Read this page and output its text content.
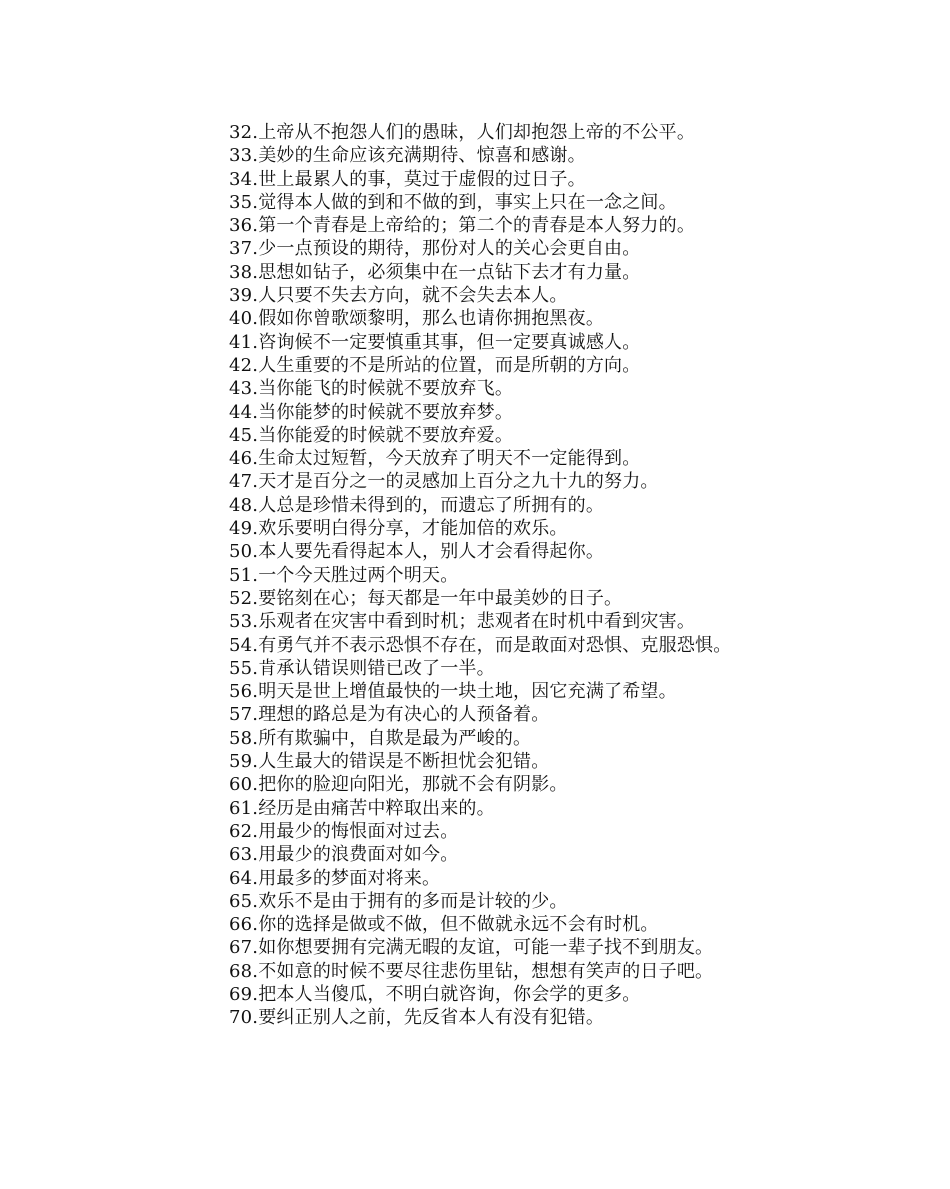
32.上帝从不抱怨人们的愚昧，人们却抱怨上帝的不公平。
33.美妙的生命应该充满期待、惊喜和感谢。
34.世上最累人的事，莫过于虚假的过日子。
35.觉得本人做的到和不做的到，事实上只在一念之间。
36.第一个青春是上帝给的；第二个的青春是本人努力的。
37.少一点预设的期待，那份对人的关心会更自由。
38.思想如钻子，必须集中在一点钻下去才有力量。
39.人只要不失去方向，就不会失去本人。
40.假如你曾歌颂黎明，那么也请你拥抱黑夜。
41.咨询候不一定要慎重其事，但一定要真诚感人。
42.人生重要的不是所站的位置，而是所朝的方向。
43.当你能飞的时候就不要放弃飞。
44.当你能梦的时候就不要放弃梦。
45.当你能爱的时候就不要放弃爱。
46.生命太过短暂，今天放弃了明天不一定能得到。
47.天才是百分之一的灵感加上百分之九十九的努力。
48.人总是珍惜未得到的，而遗忘了所拥有的。
49.欢乐要明白得分享，才能加倍的欢乐。
50.本人要先看得起本人，别人才会看得起你。
51.一个今天胜过两个明天。
52.要铭刻在心；每天都是一年中最美妙的日子。
53.乐观者在灾害中看到时机；悲观者在时机中看到灾害。
54.有勇气并不表示恐惧不存在，而是敢面对恐惧、克服恐惧。
55.肯承认错误则错已改了一半。
56.明天是世上增值最快的一块土地，因它充满了希望。
57.理想的路总是为有决心的人预备着。
58.所有欺骗中，自欺是最为严峻的。
59.人生最大的错误是不断担忧会犯错。
60.把你的脸迎向阳光，那就不会有阴影。
61.经历是由痛苦中粹取出来的。
62.用最少的悔恨面对过去。
63.用最少的浪费面对如今。
64.用最多的梦面对将来。
65.欢乐不是由于拥有的多而是计较的少。
66.你的选择是做或不做，但不做就永远不会有时机。
67.如你想要拥有完满无暇的友谊，可能一辈子找不到朋友。
68.不如意的时候不要尽往悲伤里钻，想想有笑声的日子吧。
69.把本人当傻瓜，不明白就咨询，你会学的更多。
70.要纠正别人之前，先反省本人有没有犯错。
